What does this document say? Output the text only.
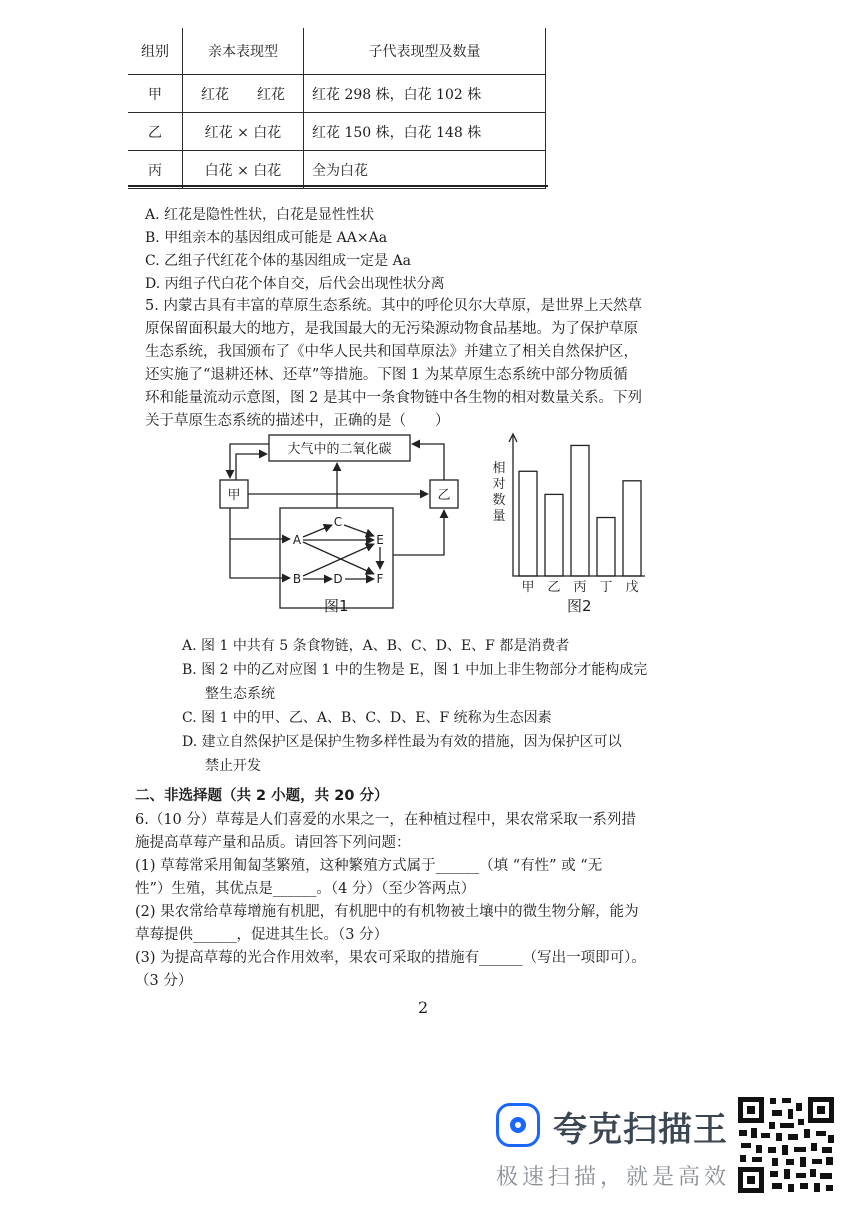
组别	亲本表现型	子代表现型及数量
甲	红花　　红花	红花 298 株，白花 102 株
乙	红花 × 白花	红花 150 株，白花 148 株
丙	白花 × 白花	全为白花
A. 红花是隐性性状，白花是显性性状
B. 甲组亲本的基因组成可能是 AA×Aa
C. 乙组子代红花个体的基因组成一定是 Aa
D. 丙组子代白花个体自交，后代会出现性状分离
5. 内蒙古具有丰富的草原生态系统。其中的呼伦贝尔大草原，是世界上天然草
原保留面积最大的地方，是我国最大的无污染源动物食品基地。为了保护草原
生态系统，我国颁布了《中华人民共和国草原法》并建立了相关自然保护区，
还实施了“退耕还林、还草”等措施。下图 1 为某草原生态系统中部分物质循
环和能量流动示意图，图 2 是其中一条食物链中各生物的相对数量关系。下列
关于草原生态系统的描述中，正确的是（　　）
大气中的二氧化碳
甲	乙
A
B
C
D
E
F
图1
相对数量
甲 乙 丙 丁 戊
图2
A. 图 1 中共有 5 条食物链，A、B、C、D、E、F 都是消费者
B. 图 2 中的乙对应图 1 中的生物是 E，图 1 中加上非生物部分才能构成完
整生态系统
C. 图 1 中的甲、乙、A、B、C、D、E、F 统称为生态因素
D. 建立自然保护区是保护生物多样性最为有效的措施，因为保护区可以
禁止开发
二、非选择题（共 2 小题，共 20 分）
6.（10 分）草莓是人们喜爱的水果之一，在种植过程中，果农常采取一系列措
施提高草莓产量和品质。请回答下列问题：
(1) 草莓常采用匍匐茎繁殖，这种繁殖方式属于______（填 “有性” 或 “无
性”）生殖，其优点是______。（4 分）（至少答两点）
(2) 果农常给草莓增施有机肥，有机肥中的有机物被土壤中的微生物分解，能为
草莓提供______，促进其生长。（3 分）
(3) 为提高草莓的光合作用效率，果农可采取的措施有______（写出一项即可）。
（3 分）
2
夸克扫描王
极速扫描，就是高效
